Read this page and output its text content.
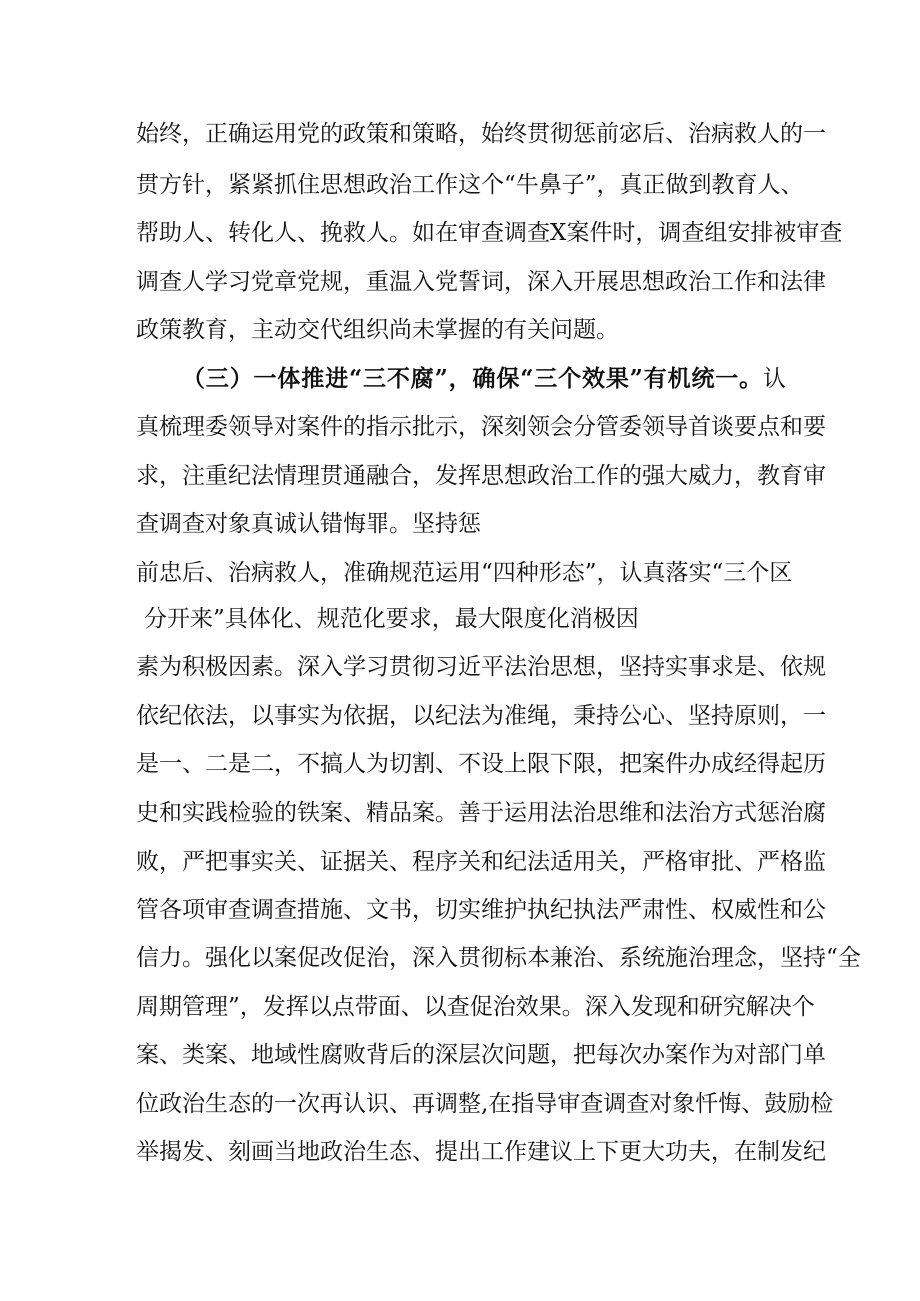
始终，正确运用党的政策和策略，始终贯彻惩前宓后、治病救人的一
贯方针，紧紧抓住思想政治工作这个“牛鼻子”，真正做到教育人、
帮助人、转化人、挽救人。如在审查调查X案件时，调查组安排被审查
调查人学习党章党规，重温入党誓词，深入开展思想政治工作和法律
政策教育，主动交代组织尚未掌握的有关问题。
（三）一体推进“三不腐”，确保“三个效果”有机统一。认
真梳理委领导对案件的指示批示，深刻领会分管委领导首谈要点和要
求，注重纪法情理贯通融合，发挥思想政治工作的强大威力，教育审
查调查对象真诚认错悔罪。坚持惩
前忠后、治病救人，准确规范运用“四种形态”，认真落实“三个区
分开来”具体化、规范化要求，最大限度化消极因
素为积极因素。深入学习贯彻习近平法治思想，坚持实事求是、依规
依纪依法，以事实为依据，以纪法为准绳，秉持公心、坚持原则，一
是一、二是二，不搞人为切割、不设上限下限，把案件办成经得起历
史和实践检验的铁案、精品案。善于运用法治思维和法治方式惩治腐
败，严把事实关、证据关、程序关和纪法适用关，严格审批、严格监
管各项审查调查措施、文书，切实维护执纪执法严肃性、权威性和公
信力。强化以案促改促治，深入贯彻标本兼治、系统施治理念，坚持“全
周期管理”，发挥以点带面、以查促治效果。深入发现和研究解决个
案、类案、地域性腐败背后的深层次问题，把每次办案作为对部门单
位政治生态的一次再认识、再调整,在指导审查调查对象忏悔、鼓励检
举揭发、刻画当地政治生态、提出工作建议上下更大功夫，在制发纪
